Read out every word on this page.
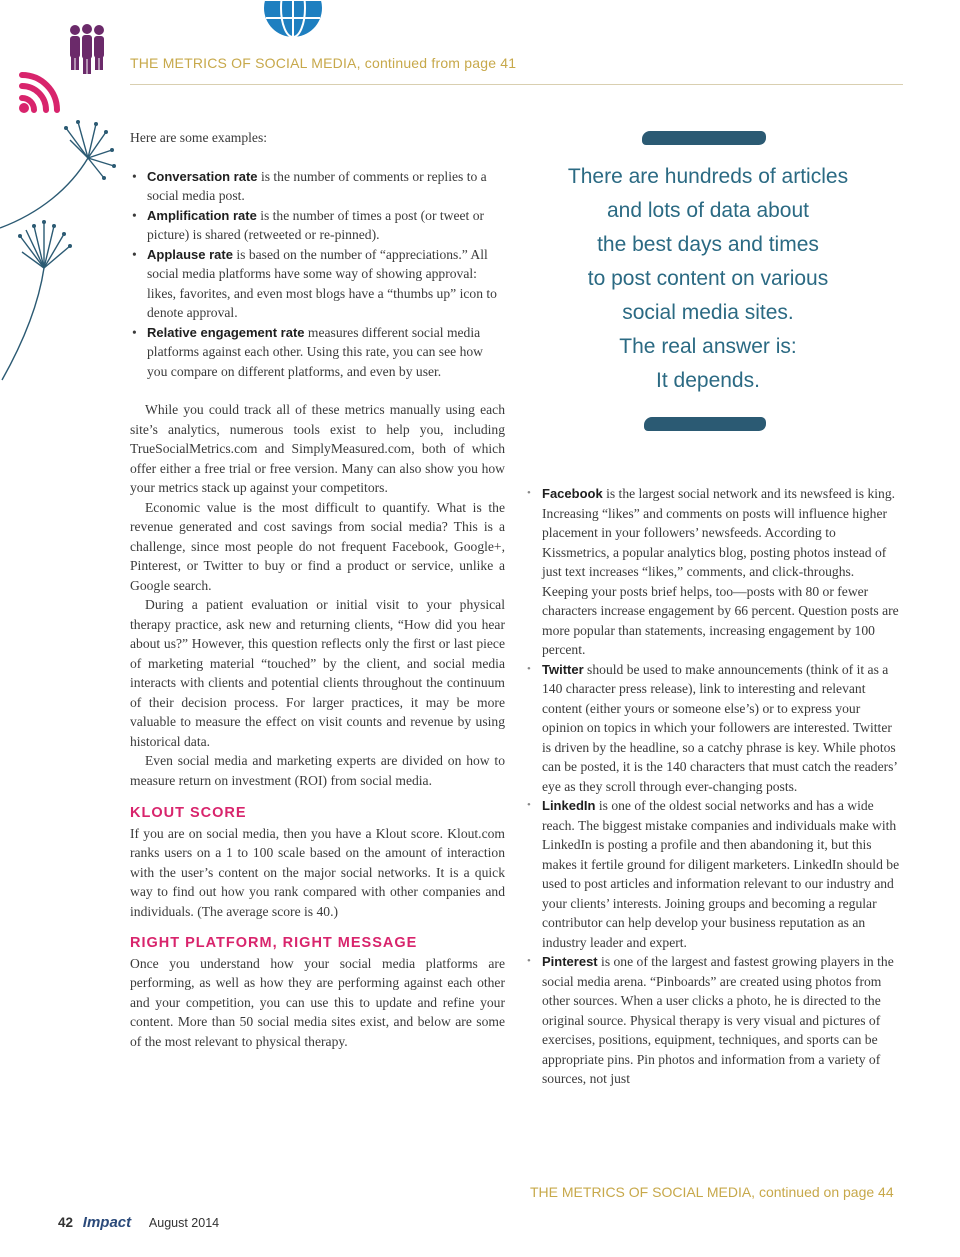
THE METRICS OF SOCIAL MEDIA, continued from page 41

Here are some examples:

• Conversation rate is the number of comments or replies to a social media post.
• Amplification rate is the number of times a post (or tweet or picture) is shared (retweeted or re-pinned).
• Applause rate is based on the number of “appreciations.” All social media platforms have some way of showing approval: likes, favorites, and even most blogs have a “thumbs up” icon to denote approval.
• Relative engagement rate measures different social media platforms against each other. Using this rate, you can see how you compare on different platforms, and even by user.

While you could track all of these metrics manually using each site’s analytics, numerous tools exist to help you, including TrueSocialMetrics.com and SimplyMeasured.com, both of which offer either a free trial or free version. Many can also show you how your metrics stack up against your competitors.

Economic value is the most difficult to quantify. What is the revenue generated and cost savings from social media? This is a challenge, since most people do not frequent Facebook, Google+, Pinterest, or Twitter to buy or find a product or service, unlike a Google search.

During a patient evaluation or initial visit to your physical therapy practice, ask new and returning clients, “How did you hear about us?” However, this question reflects only the first or last piece of marketing material “touched” by the client, and social media interacts with clients and potential clients throughout the continuum of their decision process. For larger practices, it may be more valuable to measure the effect on visit counts and revenue by using historical data.

Even social media and marketing experts are divided on how to measure return on investment (ROI) from social media.

KLOUT SCORE

If you are on social media, then you have a Klout score. Klout.com ranks users on a 1 to 100 scale based on the amount of interaction with the user’s content on the major social networks. It is a quick way to find out how you rank compared with other companies and individuals. (The average score is 40.)

RIGHT PLATFORM, RIGHT MESSAGE

Once you understand how your social media platforms are performing, as well as how they are performing against each other and your competition, you can use this to update and refine your content. More than 50 social media sites exist, and below are some of the most relevant to physical therapy.

There are hundreds of articles
and lots of data about
the best days and times
to post content on various
social media sites.
The real answer is:
It depends.
• Facebook is the largest social network and its newsfeed is king. Increasing “likes” and comments on posts will influence higher placement in your followers’ newsfeeds. According to Kissmetrics, a popular analytics blog, posting photos instead of just text increases “likes,” comments, and click-throughs. Keeping your posts brief helps, too—posts with 80 or fewer characters increase engagement by 66 percent. Question posts are more popular than statements, increasing engagement by 100 percent.
• Twitter should be used to make announcements (think of it as a 140 character press release), link to interesting and relevant content (either yours or someone else’s) or to express your opinion on topics in which your followers are interested. Twitter is driven by the headline, so a catchy phrase is key. While photos can be posted, it is the 140 characters that must catch the readers’ eye as they scroll through ever-changing posts.
• LinkedIn is one of the oldest social networks and has a wide reach. The biggest mistake companies and individuals make with LinkedIn is posting a profile and then abandoning it, but this makes it fertile ground for diligent marketers. LinkedIn should be used to post articles and information relevant to our industry and your clients’ interests. Joining groups and becoming a regular contributor can help develop your business reputation as an industry leader and expert.
• Pinterest is one of the largest and fastest growing players in the social media arena. “Pinboards” are created using photos from other sources. When a user clicks a photo, he is directed to the original source. Physical therapy is very visual and pictures of exercises, positions, equipment, techniques, and sports can be appropriate pins. Pin photos and information from a variety of sources, not just
THE METRICS OF SOCIAL MEDIA, continued on page 44
42 Impact August 2014
